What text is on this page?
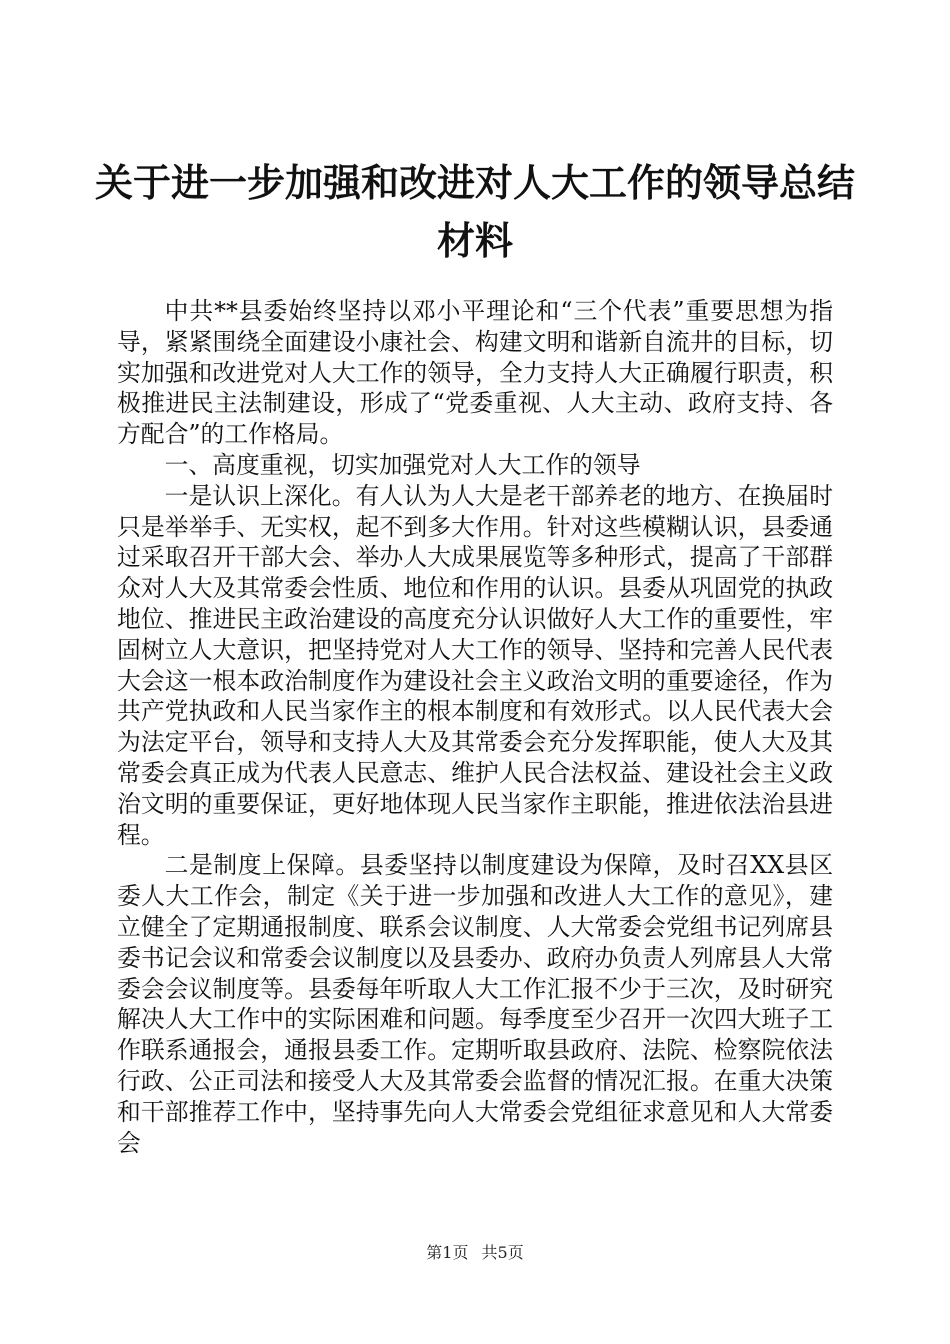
关于进一步加强和改进对人大工作的领导总结
材料

中共**县委始终坚持以邓小平理论和“三个代表”重要思想为指导，紧紧围绕全面建设小康社会、构建文明和谐新自流井的目标，切实加强和改进党对人大工作的领导，全力支持人大正确履行职责，积极推进民主法制建设，形成了“党委重视、人大主动、政府支持、各方配合”的工作格局。

一、高度重视，切实加强党对人大工作的领导

一是认识上深化。有人认为人大是老干部养老的地方、在换届时只是举举手、无实权，起不到多大作用。针对这些模糊认识，县委通过采取召开干部大会、举办人大成果展览等多种形式，提高了干部群众对人大及其常委会性质、地位和作用的认识。县委从巩固党的执政地位、推进民主政治建设的高度充分认识做好人大工作的重要性，牢固树立人大意识，把坚持党对人大工作的领导、坚持和完善人民代表大会这一根本政治制度作为建设社会主义政治文明的重要途径，作为共产党执政和人民当家作主的根本制度和有效形式。以人民代表大会为法定平台，领导和支持人大及其常委会充分发挥职能，使人大及其常委会真正成为代表人民意志、维护人民合法权益、建设社会主义政治文明的重要保证，更好地体现人民当家作主职能，推进依法治县进程。

二是制度上保障。县委坚持以制度建设为保障，及时召XX县区委人大工作会，制定《关于进一步加强和改进人大工作的意见》，建立健全了定期通报制度、联系会议制度、人大常委会党组书记列席县委书记会议和常委会议制度以及县委办、政府办负责人列席县人大常委会会议制度等。县委每年听取人大工作汇报不少于三次，及时研究解决人大工作中的实际困难和问题。每季度至少召开一次四大班子工作联系通报会，通报县委工作。定期听取县政府、法院、检察院依法行政、公正司法和接受人大及其常委会监督的情况汇报。在重大决策和干部推荐工作中，坚持事先向人大常委会党组征求意见和人大常委会

第1页 共5页
